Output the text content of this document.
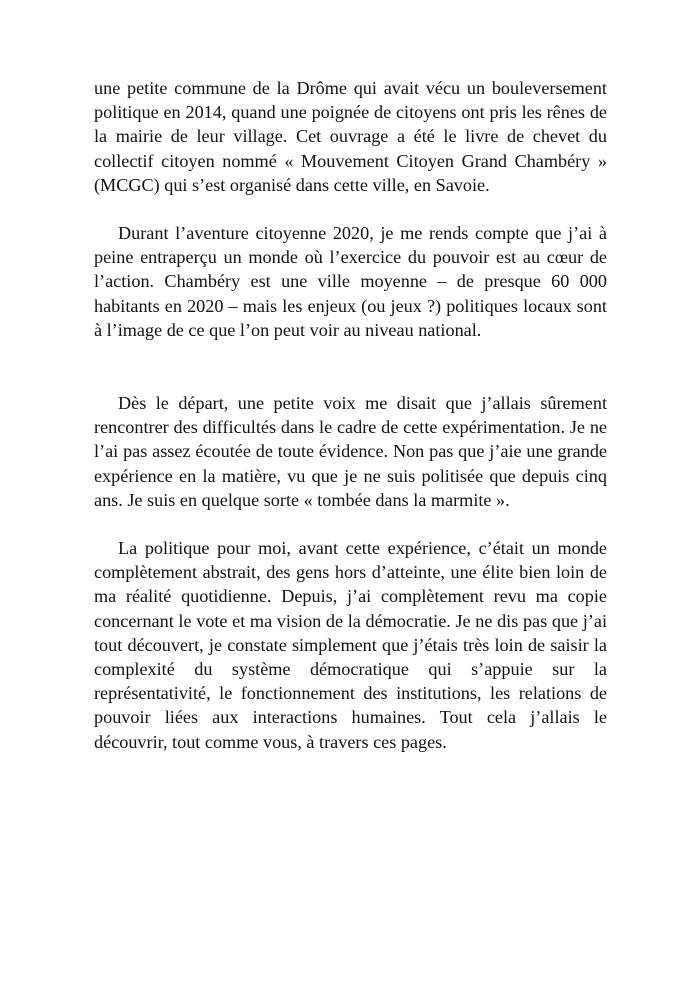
une petite commune de la Drôme qui avait vécu un bouleversement
politique en 2014, quand une poignée de citoyens ont pris les rênes de
la mairie de leur village. Cet ouvrage a été le livre de chevet du
collectif citoyen nommé « Mouvement Citoyen Grand Chambéry »
(MCGC) qui s’est organisé dans cette ville, en Savoie.
Durant l’aventure citoyenne 2020, je me rends compte que j’ai à
peine entraperçu un monde où l’exercice du pouvoir est au cœur de
l’action. Chambéry est une ville moyenne – de presque 60 000
habitants en 2020 – mais les enjeux (ou jeux ?) politiques locaux sont
à l’image de ce que l’on peut voir au niveau national.
Dès le départ, une petite voix me disait que j’allais sûrement
rencontrer des difficultés dans le cadre de cette expérimentation. Je ne
l’ai pas assez écoutée de toute évidence. Non pas que j’aie une grande
expérience en la matière, vu que je ne suis politisée que depuis cinq
ans. Je suis en quelque sorte « tombée dans la marmite ».
La politique pour moi, avant cette expérience, c’était un monde
complètement abstrait, des gens hors d’atteinte, une élite bien loin de
ma réalité quotidienne. Depuis, j’ai complètement revu ma copie
concernant le vote et ma vision de la démocratie. Je ne dis pas que j’ai
tout découvert, je constate simplement que j’étais très loin de saisir la
complexité du système démocratique qui s’appuie sur la
représentativité, le fonctionnement des institutions, les relations de
pouvoir liées aux interactions humaines. Tout cela j’allais le
découvrir, tout comme vous, à travers ces pages.
